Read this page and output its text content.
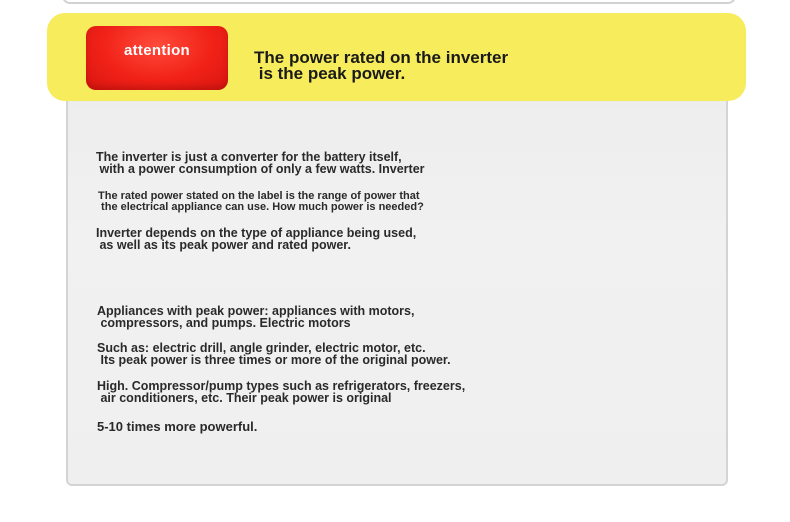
attention	The power rated on the inverter
is the peak power.
The inverter is just a converter for the battery itself,
with a power consumption of only a few watts. Inverter
The rated power stated on the label is the range of power that
the electrical appliance can use. How much power is needed?
Inverter depends on the type of appliance being used,
as well as its peak power and rated power.
Appliances with peak power: appliances with motors,
compressors, and pumps. Electric motors
Such as: electric drill, angle grinder, electric motor, etc.
Its peak power is three times or more of the original power.
High. Compressor/pump types such as refrigerators, freezers,
air conditioners, etc. Their peak power is original
5-10 times more powerful.
